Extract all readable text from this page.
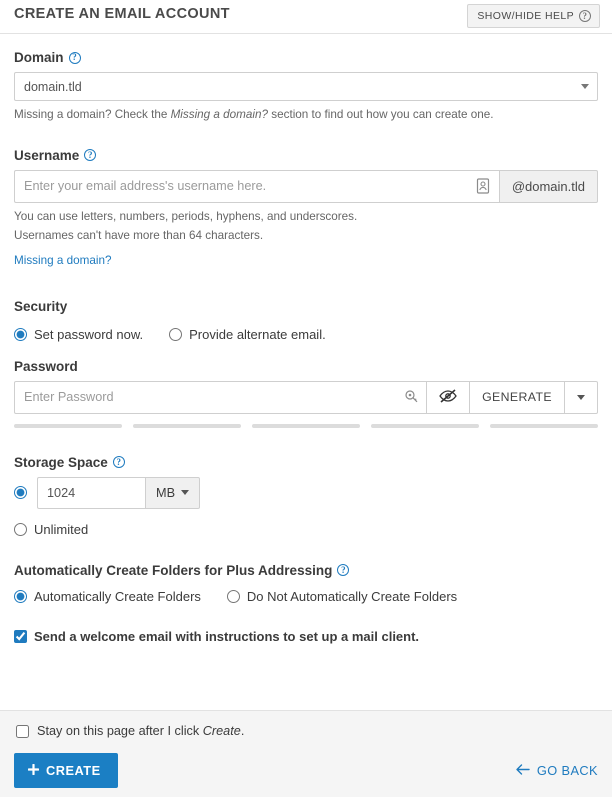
CREATE AN EMAIL ACCOUNT	SHOW/HIDE HELP ?
Domain ?
domain.tld
Missing a domain? Check the Missing a domain? section to find out how you can create one.
Username ?
Enter your email address's username here.
@domain.tld
You can use letters, numbers, periods, hyphens, and underscores.
Usernames can't have more than 64 characters.
Missing a domain?
Security
Set password now.	Provide alternate email.
Password
Enter Password
GENERATE
Storage Space ?
1024
MB
Unlimited
Automatically Create Folders for Plus Addressing ?
Automatically Create Folders	Do Not Automatically Create Folders
Send a welcome email with instructions to set up a mail client.
Stay on this page after I click Create.
CREATE	GO BACK
